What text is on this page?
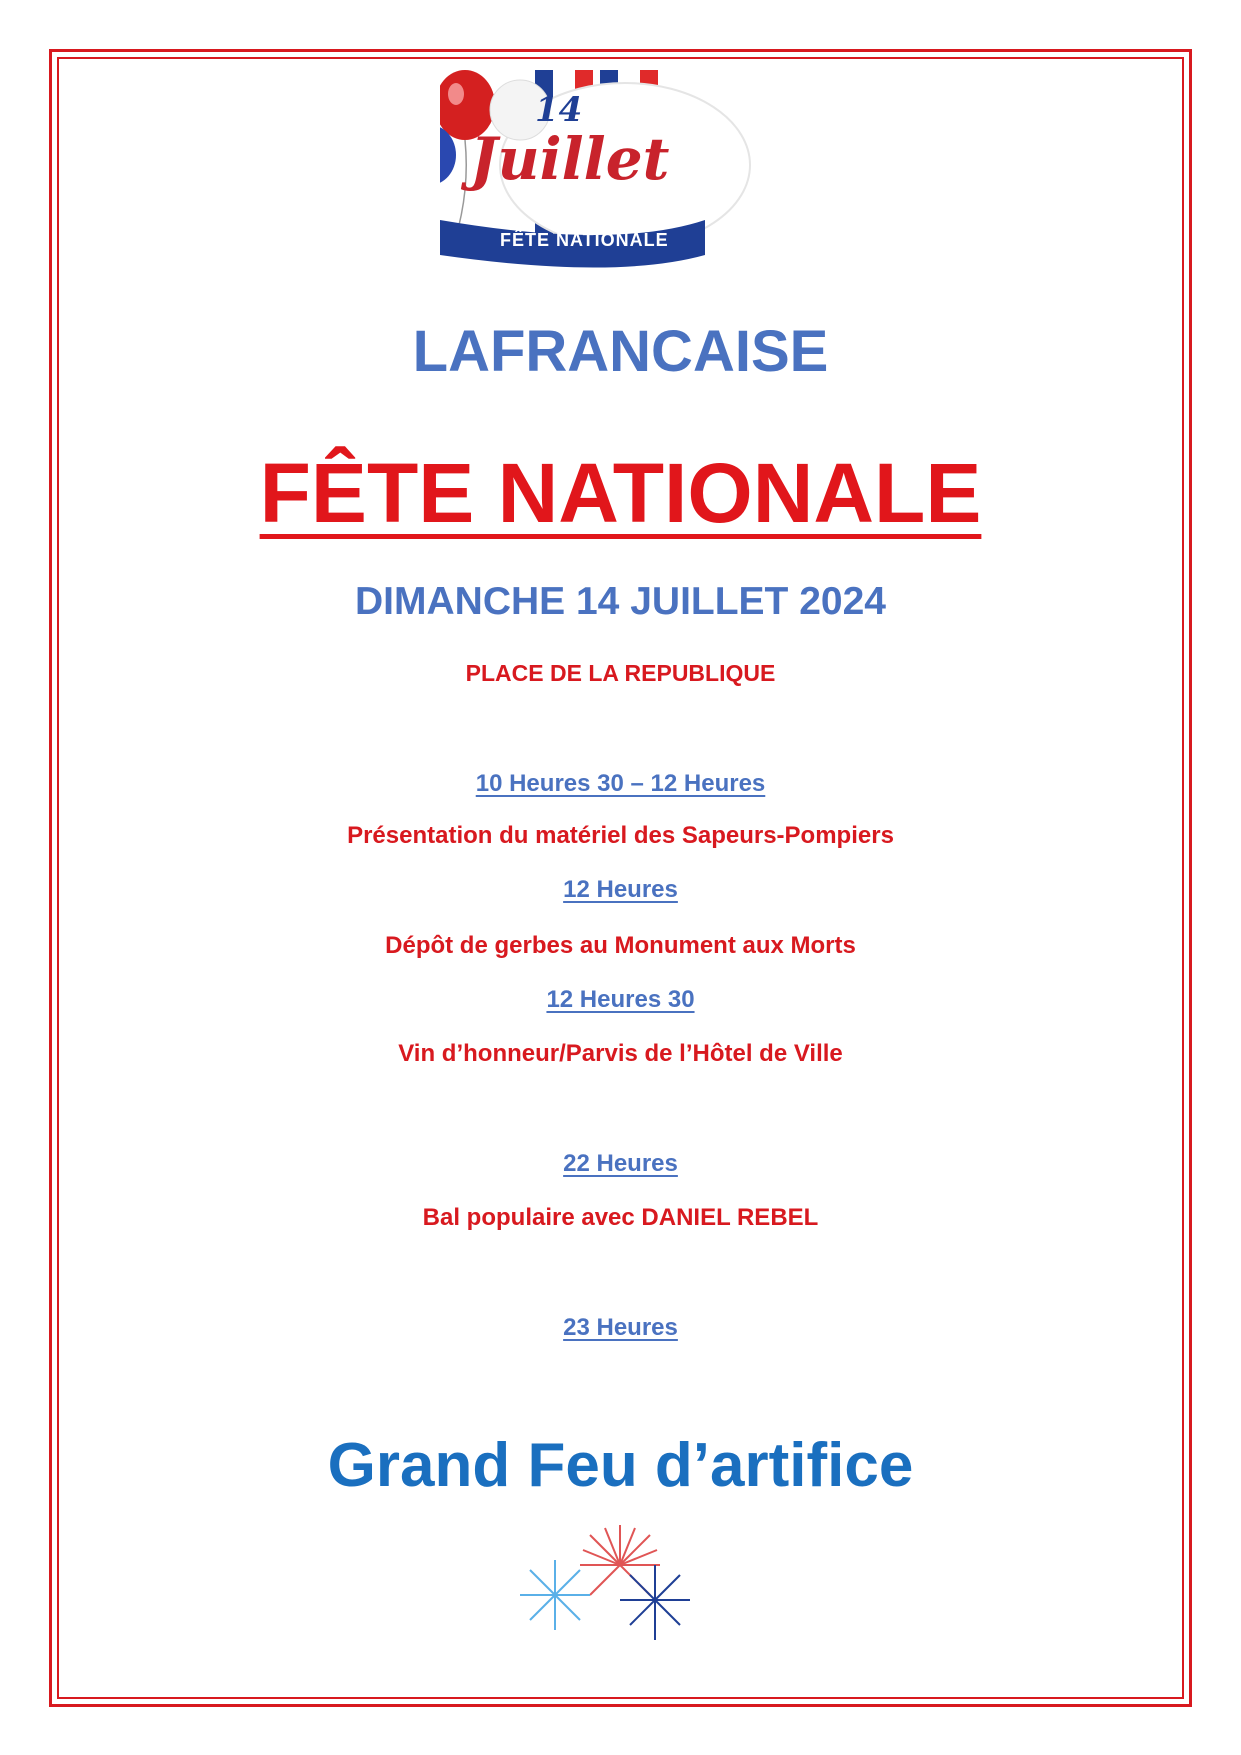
14
Juillet
FÊTE NATIONALE
LAFRANCAISE
FÊTE NATIONALE
DIMANCHE 14 JUILLET 2024
PLACE DE LA REPUBLIQUE
10 Heures 30 – 12 Heures
Présentation du matériel des Sapeurs-Pompiers
12 Heures
Dépôt de gerbes au Monument aux Morts
12 Heures 30
Vin d’honneur/Parvis de l’Hôtel de Ville
22 Heures
Bal populaire avec DANIEL REBEL
23 Heures
Grand Feu d’artifice
